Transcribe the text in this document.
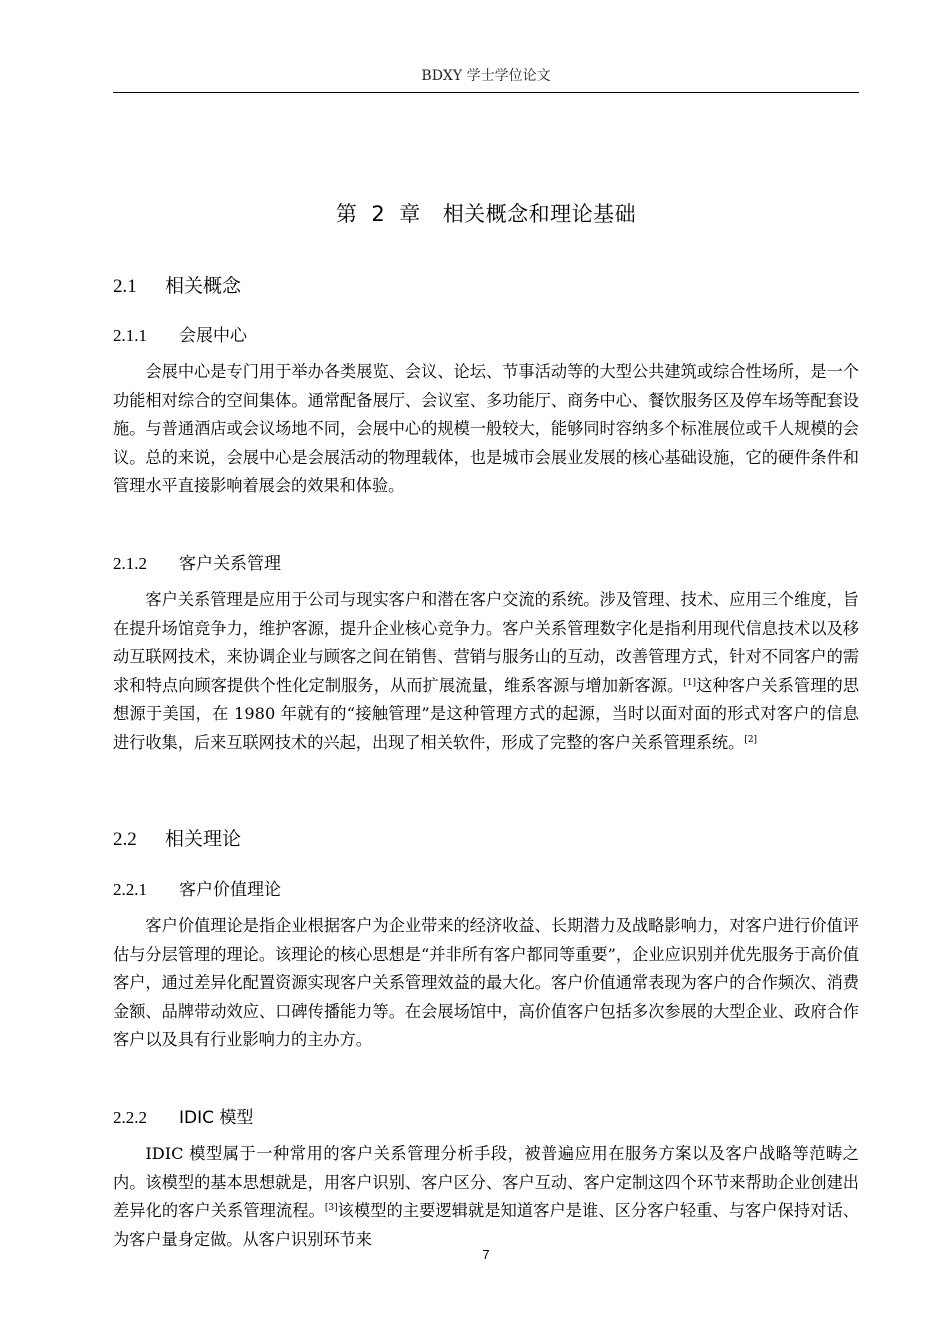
BDXY 学士学位论文
第 2 章 相关概念和理论基础
2.1 相关概念
2.1.1 会展中心

会展中心是专门用于举办各类展览、会议、论坛、节事活动等的大型公共建筑或综合性场所，是一个功能相对综合的空间集体。通常配备展厅、会议室、多功能厅、商务中心、餐饮服务区及停车场等配套设施。与普通酒店或会议场地不同，会展中心的规模一般较大，能够同时容纳多个标准展位或千人规模的会议。总的来说，会展中心是会展活动的物理载体，也是城市会展业发展的核心基础设施，它的硬件条件和管理水平直接影响着展会的效果和体验。

2.1.2 客户关系管理

客户关系管理是应用于公司与现实客户和潜在客户交流的系统。涉及管理、技术、应用三个维度，旨在提升场馆竞争力，维护客源，提升企业核心竞争力。客户关系管理数字化是指利用现代信息技术以及移动互联网技术，来协调企业与顾客之间在销售、营销与服务山的互动，改善管理方式，针对不同客户的需求和特点向顾客提供个性化定制服务，从而扩展流量，维系客源与增加新客源。[1]这种客户关系管理的思想源于美国，在 1980 年就有的“接触管理”是这种管理方式的起源，当时以面对面的形式对客户的信息进行收集，后来互联网技术的兴起，出现了相关软件，形成了完整的客户关系管理系统。[2]

2.2 相关理论
2.2.1 客户价值理论

客户价值理论是指企业根据客户为企业带来的经济收益、长期潜力及战略影响力，对客户进行价值评估与分层管理的理论。该理论的核心思想是“并非所有客户都同等重要”，企业应识别并优先服务于高价值客户，通过差异化配置资源实现客户关系管理效益的最大化。客户价值通常表现为客户的合作频次、消费金额、品牌带动效应、口碑传播能力等。在会展场馆中，高价值客户包括多次参展的大型企业、政府合作客户以及具有行业影响力的主办方。

2.2.2 IDIC 模型

IDIC 模型属于一种常用的客户关系管理分析手段，被普遍应用在服务方案以及客户战略等范畴之内。该模型的基本思想就是，用客户识别、客户区分、客户互动、客户定制这四个环节来帮助企业创建出差异化的客户关系管理流程。[3]该模型的主要逻辑就是知道客户是谁、区分客户轻重、与客户保持对话、为客户量身定做。从客户识别环节来

7
